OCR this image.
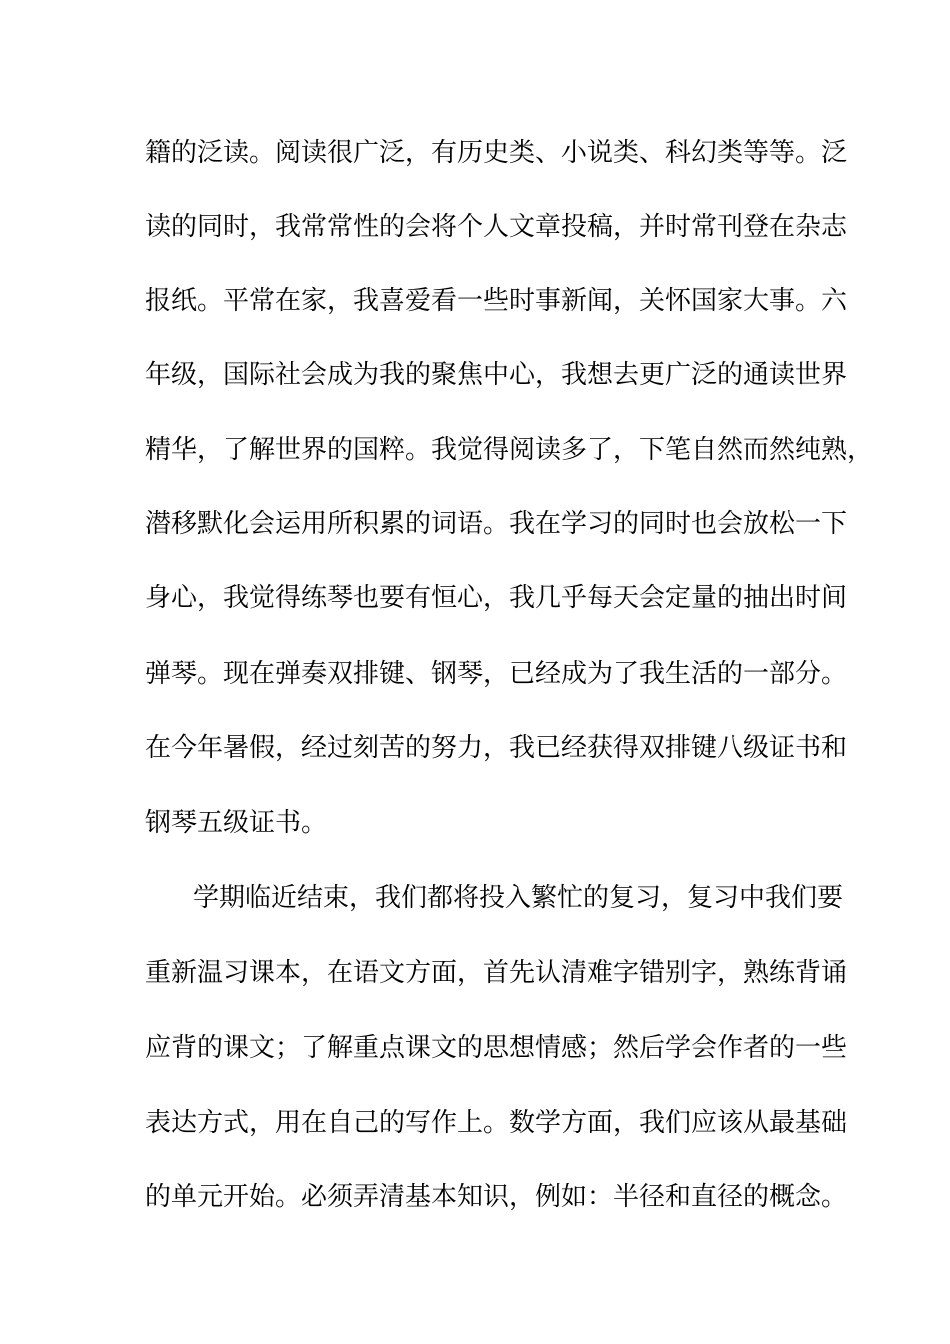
籍的泛读。阅读很广泛，有历史类、小说类、科幻类等等。泛
读的同时，我常常性的会将个人文章投稿，并时常刊登在杂志
报纸。平常在家，我喜爱看一些时事新闻，关怀国家大事。六
年级，国际社会成为我的聚焦中心，我想去更广泛的通读世界
精华，了解世界的国粹。我觉得阅读多了，下笔自然而然纯熟，
潜移默化会运用所积累的词语。我在学习的同时也会放松一下
身心，我觉得练琴也要有恒心，我几乎每天会定量的抽出时间
弹琴。现在弹奏双排键、钢琴，已经成为了我生活的一部分。
在今年暑假，经过刻苦的努力，我已经获得双排键八级证书和
钢琴五级证书。
学期临近结束，我们都将投入繁忙的复习，复习中我们要
重新温习课本，在语文方面，首先认清难字错别字，熟练背诵
应背的课文；了解重点课文的思想情感；然后学会作者的一些
表达方式，用在自己的写作上。数学方面，我们应该从最基础
的单元开始。必须弄清基本知识，例如：半径和直径的概念。
